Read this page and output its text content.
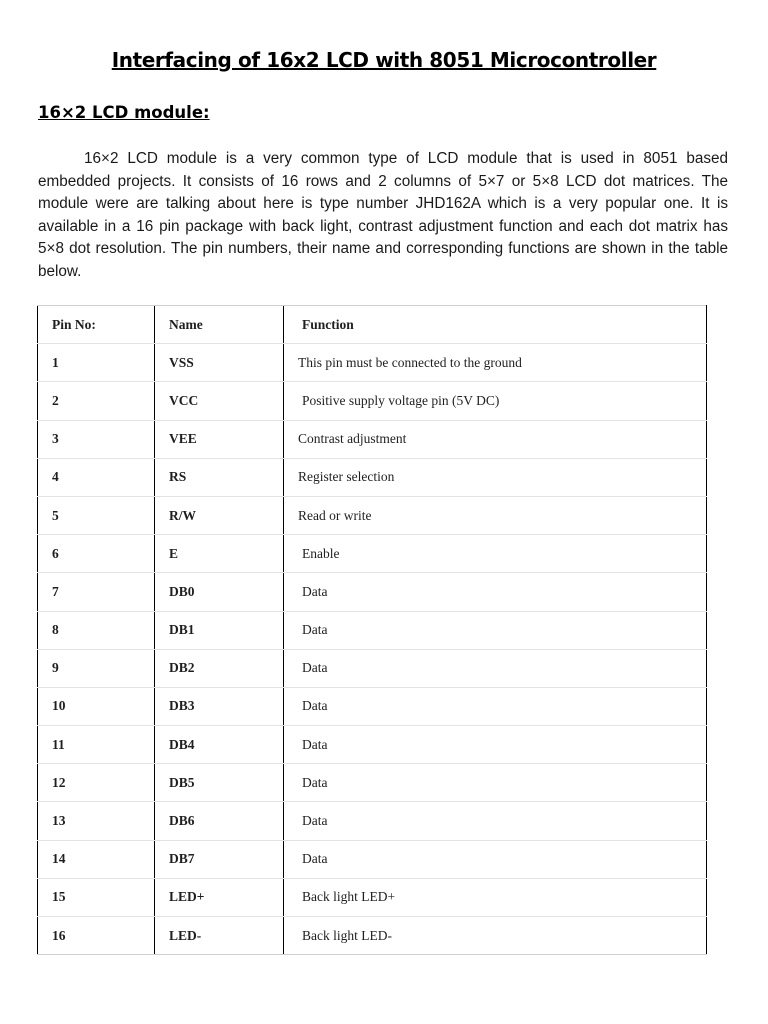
Interfacing of 16x2 LCD with 8051 Microcontroller
16×2 LCD module:

16×2 LCD module is a very common type of LCD module that is used in 8051 based embedded projects. It consists of 16 rows and 2 columns of 5×7 or 5×8 LCD dot matrices. The module were are talking about here is type number JHD162A which is a very popular one. It is available in a 16 pin package with back light, contrast adjustment function and each dot matrix has 5×8 dot resolution. The pin numbers, their name and corresponding functions are shown in the table below.

Pin No:	Name	Function
1	VSS	This pin must be connected to the ground
2	VCC	Positive supply voltage pin (5V DC)
3	VEE	Contrast adjustment
4	RS	Register selection
5	R/W	Read or write
6	E	Enable
7	DB0	Data
8	DB1	Data
9	DB2	Data
10	DB3	Data
11	DB4	Data
12	DB5	Data
13	DB6	Data
14	DB7	Data
15	LED+	Back light LED+
16	LED-	Back light LED-
